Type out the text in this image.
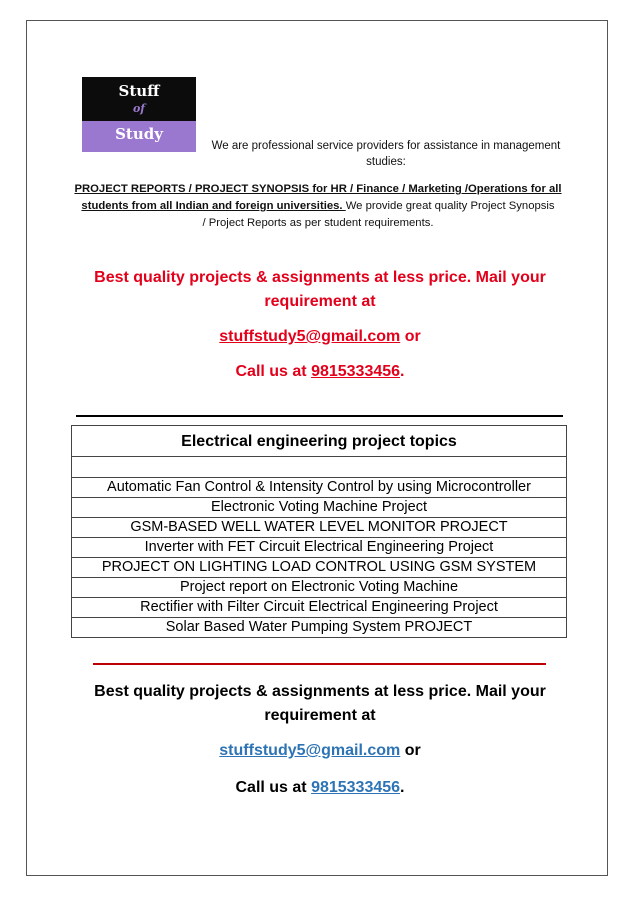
Stuff
of
Study
We are professional service providers for assistance in management
studies:
PROJECT REPORTS / PROJECT SYNOPSIS for HR / Finance / Marketing /Operations for all
students from all Indian and foreign universities. We provide great quality Project Synopsis
/ Project Reports as per student requirements.

Best quality projects & assignments at less price. Mail your
requirement at

stuffstudy5@gmail.com or

Call us at 9815333456.

Electrical engineering project topics

Automatic Fan Control & Intensity Control by using Microcontroller
Electronic Voting Machine Project
GSM-BASED WELL WATER LEVEL MONITOR PROJECT
Inverter with FET Circuit Electrical Engineering Project
PROJECT ON LIGHTING LOAD CONTROL USING GSM SYSTEM
Project report on Electronic Voting Machine
Rectifier with Filter Circuit Electrical Engineering Project
Solar Based Water Pumping System PROJECT

Best quality projects & assignments at less price. Mail your
requirement at

stuffstudy5@gmail.com or

Call us at 9815333456.
